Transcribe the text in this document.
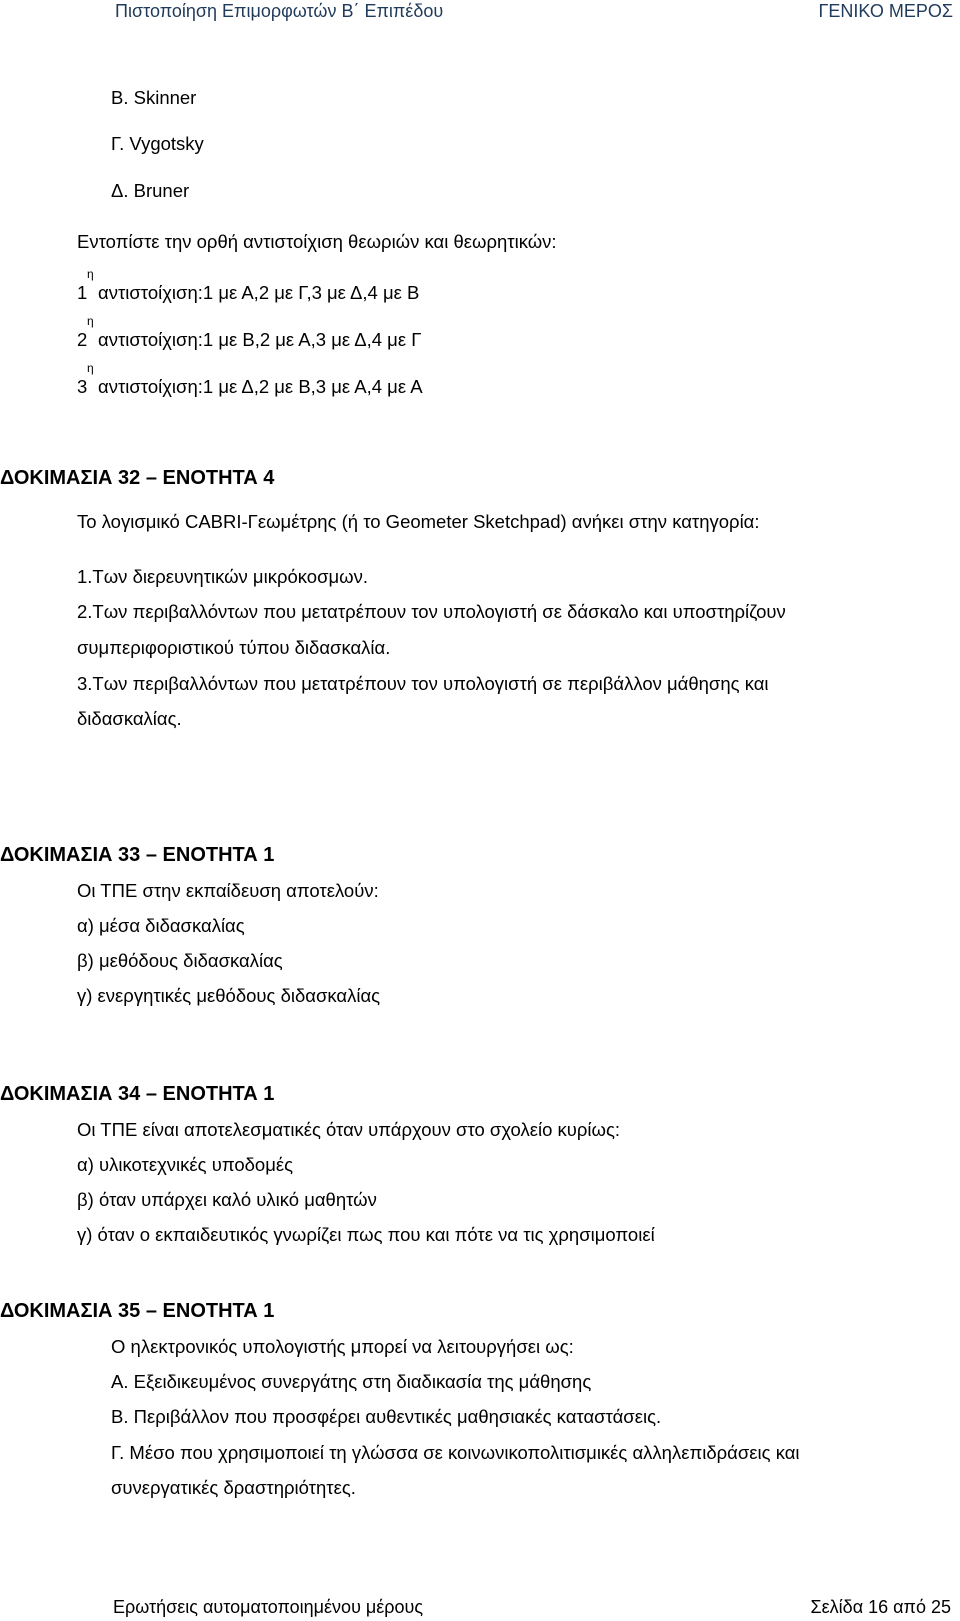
Πιστοποίηση Επιμορφωτών Β΄ Επιπέδου	ΓΕΝΙΚΟ ΜΕΡΟΣ
Β. Skinner
Γ. Vygotsky
Δ. Bruner
Εντοπίστε την ορθή αντιστοίχιση θεωριών και θεωρητικών:
1
η
αντιστοίχιση:1 με Α,2 με Γ,3 με Δ,4 με Β
2
η
αντιστοίχιση:1 με Β,2 με Α,3 με Δ,4 με Γ
3
η
αντιστοίχιση:1 με Δ,2 με Β,3 με Α,4 με Α
ΔΟΚΙΜΑΣΙΑ 32 – ΕΝΟΤΗΤΑ 4
Το λογισμικό CABRI-Γεωμέτρης (ή το Geometer Sketchpad) ανήκει στην κατηγορία:
1.Των διερευνητικών μικρόκοσμων.
2.Των περιβαλλόντων που μετατρέπουν τον υπολογιστή σε δάσκαλο και υποστηρίζουν
συμπεριφοριστικού τύπου διδασκαλία.
3.Των περιβαλλόντων που μετατρέπουν τον υπολογιστή σε περιβάλλον μάθησης και
διδασκαλίας.
ΔΟΚΙΜΑΣΙΑ 33 – ΕΝΟΤΗΤΑ 1
Οι ΤΠΕ στην εκπαίδευση αποτελούν:
α) μέσα διδασκαλίας
β) μεθόδους διδασκαλίας
γ) ενεργητικές μεθόδους διδασκαλίας
ΔΟΚΙΜΑΣΙΑ 34 – ΕΝΟΤΗΤΑ 1
Οι ΤΠΕ είναι αποτελεσματικές όταν υπάρχουν στο σχολείο κυρίως:
α) υλικοτεχνικές υποδομές
β) όταν υπάρχει καλό υλικό μαθητών
γ) όταν ο εκπαιδευτικός γνωρίζει πως που και πότε να τις χρησιμοποιεί
ΔΟΚΙΜΑΣΙΑ 35 – ΕΝΟΤΗΤΑ 1
Ο ηλεκτρονικός υπολογιστής μπορεί να λειτουργήσει ως:
Α. Εξειδικευμένος συνεργάτης στη διαδικασία της μάθησης
Β. Περιβάλλον που προσφέρει αυθεντικές μαθησιακές καταστάσεις.
Γ. Μέσο που χρησιμοποιεί τη γλώσσα σε κοινωνικοπολιτισμικές αλληλεπιδράσεις και
συνεργατικές δραστηριότητες.
Ερωτήσεις αυτοματοποιημένου μέρους	Σελίδα 16 από 25
